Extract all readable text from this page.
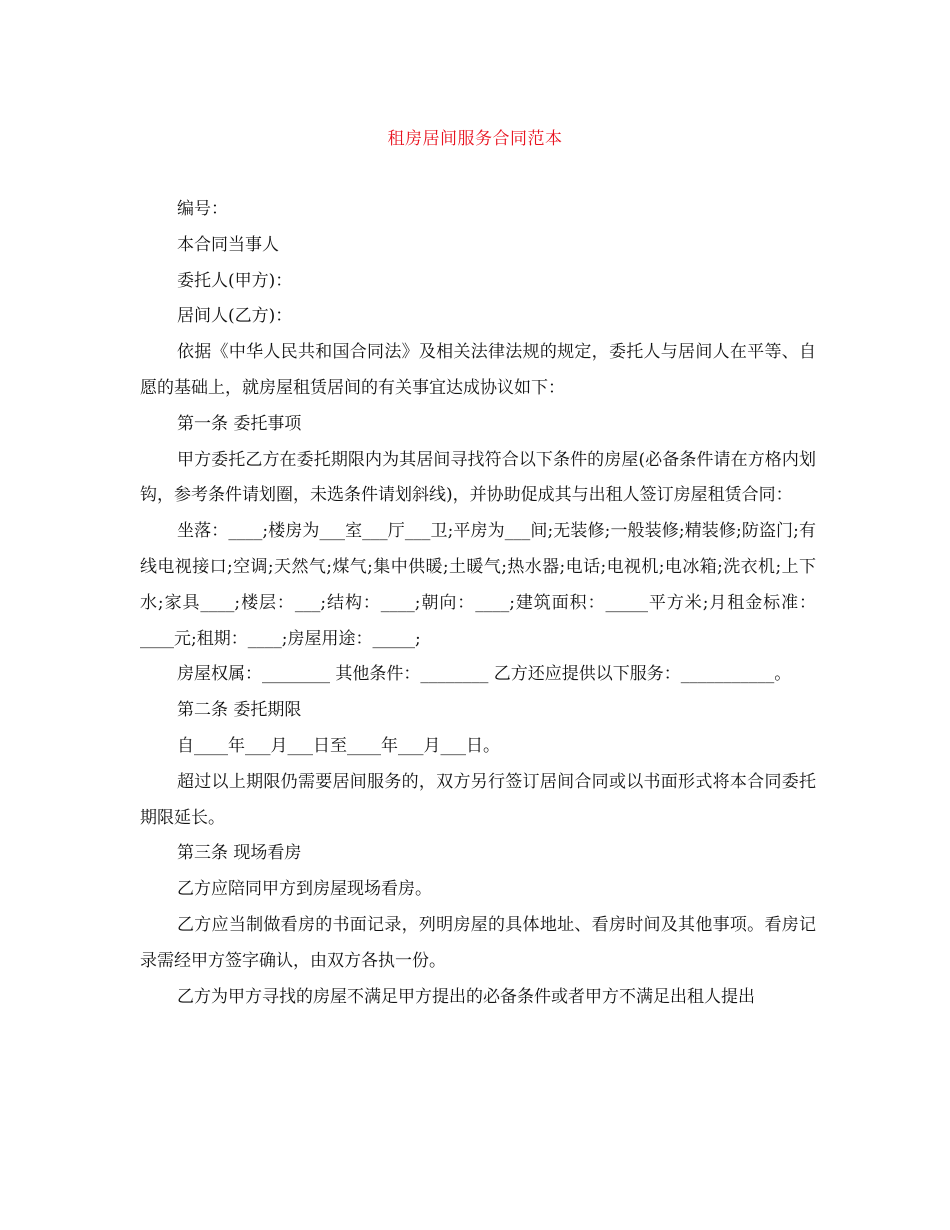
租房居间服务合同范本

编号：

本合同当事人

委托人(甲方)：

居间人(乙方)：

依据《中华人民共和国合同法》及相关法律法规的规定，委托人与居间人在平等、自愿的基础上，就房屋租赁居间的有关事宜达成协议如下：

第一条 委托事项

甲方委托乙方在委托期限内为其居间寻找符合以下条件的房屋(必备条件请在方格内划钩，参考条件请划圈，未选条件请划斜线)，并协助促成其与出租人签订房屋租赁合同：

坐落：____;楼房为___室___厅___卫;平房为___间;无装修;一般装修;精装修;防盗门;有线电视接口;空调;天然气;煤气;集中供暖;土暖气;热水器;电话;电视机;电冰箱;洗衣机;上下水;家具____;楼层：___;结构：____;朝向：____;建筑面积：_____平方米;月租金标准：____元;租期：____;房屋用途：_____;

房屋权属：________ 其他条件：________ 乙方还应提供以下服务：___________。

第二条 委托期限

自____年___月___日至____年___月___日。

超过以上期限仍需要居间服务的，双方另行签订居间合同或以书面形式将本合同委托期限延长。

第三条 现场看房

乙方应陪同甲方到房屋现场看房。

乙方应当制做看房的书面记录，列明房屋的具体地址、看房时间及其他事项。看房记录需经甲方签字确认，由双方各执一份。

乙方为甲方寻找的房屋不满足甲方提出的必备条件或者甲方不满足出租人提出
